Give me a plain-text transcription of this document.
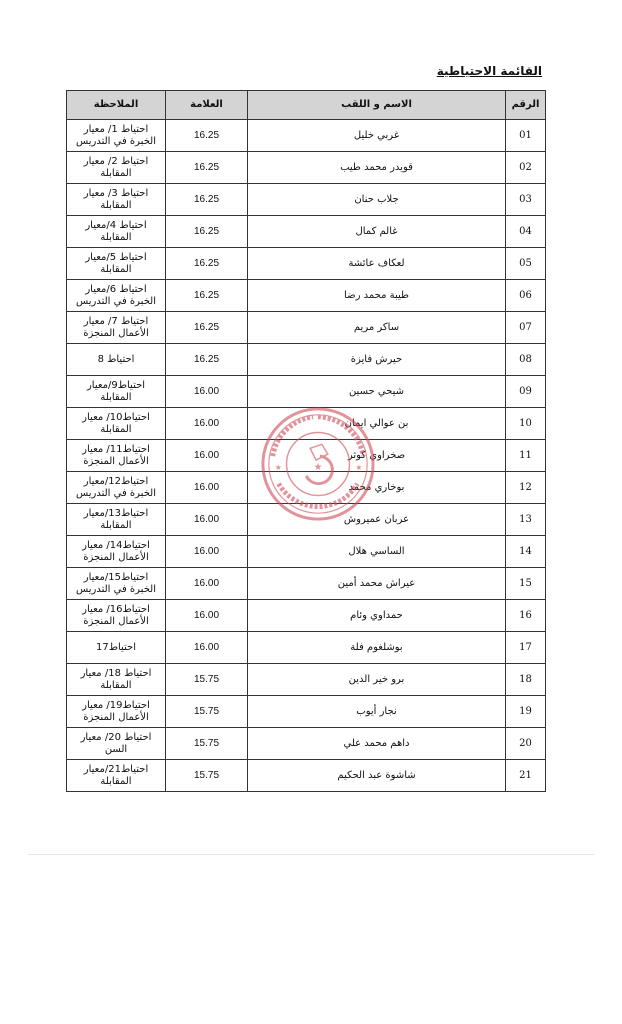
القائمة الاحتياطية
الرقم	الاسم و اللقب	العلامة	الملاحظة
01	غربي خليل	16.25	احتياط 1/ معيار الخبرة في التدريس
02	قويدر محمد طيب	16.25	احتياط 2/ معيار المقابلة
03	جلاب حنان	16.25	احتياط 3/ معيار المقابلة
04	غالم كمال	16.25	احتياط 4/معيار المقابلة
05	لعكاف عائشة	16.25	احتياط 5/معيار المقابلة
06	طيبة محمد رضا	16.25	احتياط 6/معيار الخبرة في التدريس
07	ساكر مريم	16.25	احتياط 7/ معيار الأعمال المنجزة
08	حيرش فايزة	16.25	احتياط 8
09	شيحي حسين	16.00	احتياط9/معيار المقابلة
10	بن عوالي ايمان	16.00	احتياط10/ معيار المقابلة
11	صخراوي كوثر	16.00	احتياط11/ معيار الأعمال المنجزة
12	بوخاري محمد	16.00	احتياط12/معيار الخبرة في التدريس
13	عربان عميروش	16.00	احتياط13/معيار المقابلة
14	الساسي هلال	16.00	احتياط14/ معيار الأعمال المنجزة
15	عيراش محمد أمين	16.00	احتياط15/معيار الخبرة في التدريس
16	حمداوي وئام	16.00	احتياط16/ معيار الأعمال المنجزة
17	بوشلغوم فلة	16.00	احتياط17
18	برو خير الدين	15.75	احتياط 18/ معيار المقابلة
19	نجار أيوب	15.75	احتياط19/ معيار الأعمال المنجزة
20	داهم محمد علي	15.75	احتياط 20/ معيار السن
21	شاشوة عبد الحكيم	15.75	احتياط21/معيار المقابلة
★	★
★
